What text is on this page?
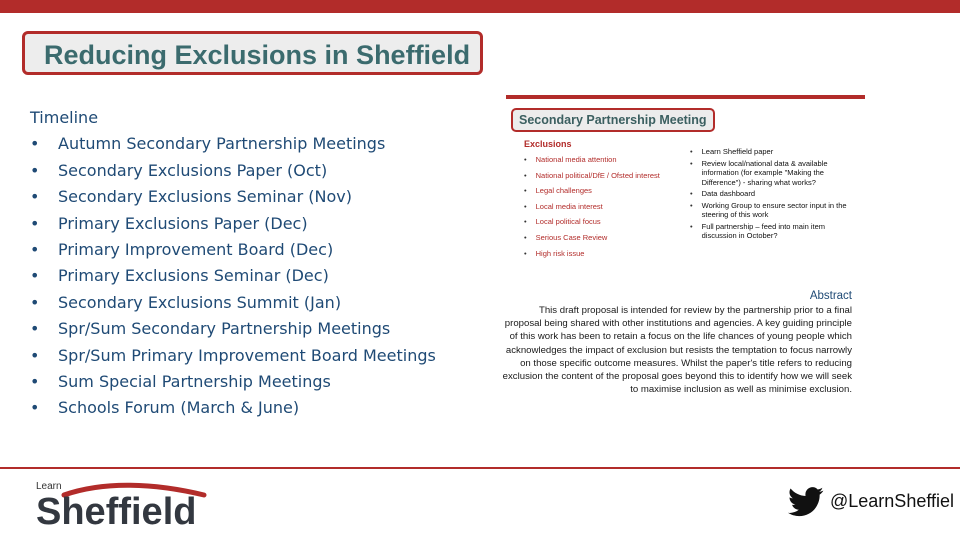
Reducing Exclusions in Sheffield
Timeline
• Autumn Secondary Partnership Meetings
• Secondary Exclusions Paper (Oct)
• Secondary Exclusions Seminar (Nov)
• Primary Exclusions Paper (Dec)
• Primary Improvement Board (Dec)
• Primary Exclusions Seminar (Dec)
• Secondary Exclusions Summit (Jan)
• Spr/Sum Secondary Partnership Meetings
• Spr/Sum Primary Improvement Board Meetings
• Sum Special Partnership Meetings
• Schools Forum (March & June)
Secondary Partnership Meeting
Exclusions
• National media attention
• National political/DfE / Ofsted interest
• Legal challenges
• Local media interest
• Local political focus
• Serious Case Review
• High risk issue
• Learn Sheffield paper
• Review local/national data & available information (for example "Making the Difference") - sharing what works?
• Data dashboard
• Working Group to ensure sector input in the steering of this work
• Full partnership – feed into main item discussion in October?
Abstract
This draft proposal is intended for review by the partnership prior to a final proposal being shared with other institutions and agencies. A key guiding principle of this work has been to retain a focus on the life chances of young people which acknowledges the impact of exclusion but resists the temptation to focus narrowly on those specific outcome measures. Whilst the paper's title refers to reducing exclusion the content of the proposal goes beyond this to identify how we will seek to maximise inclusion as well as minimise exclusion.
Learn
Sheffield	@LearnSheffiel
